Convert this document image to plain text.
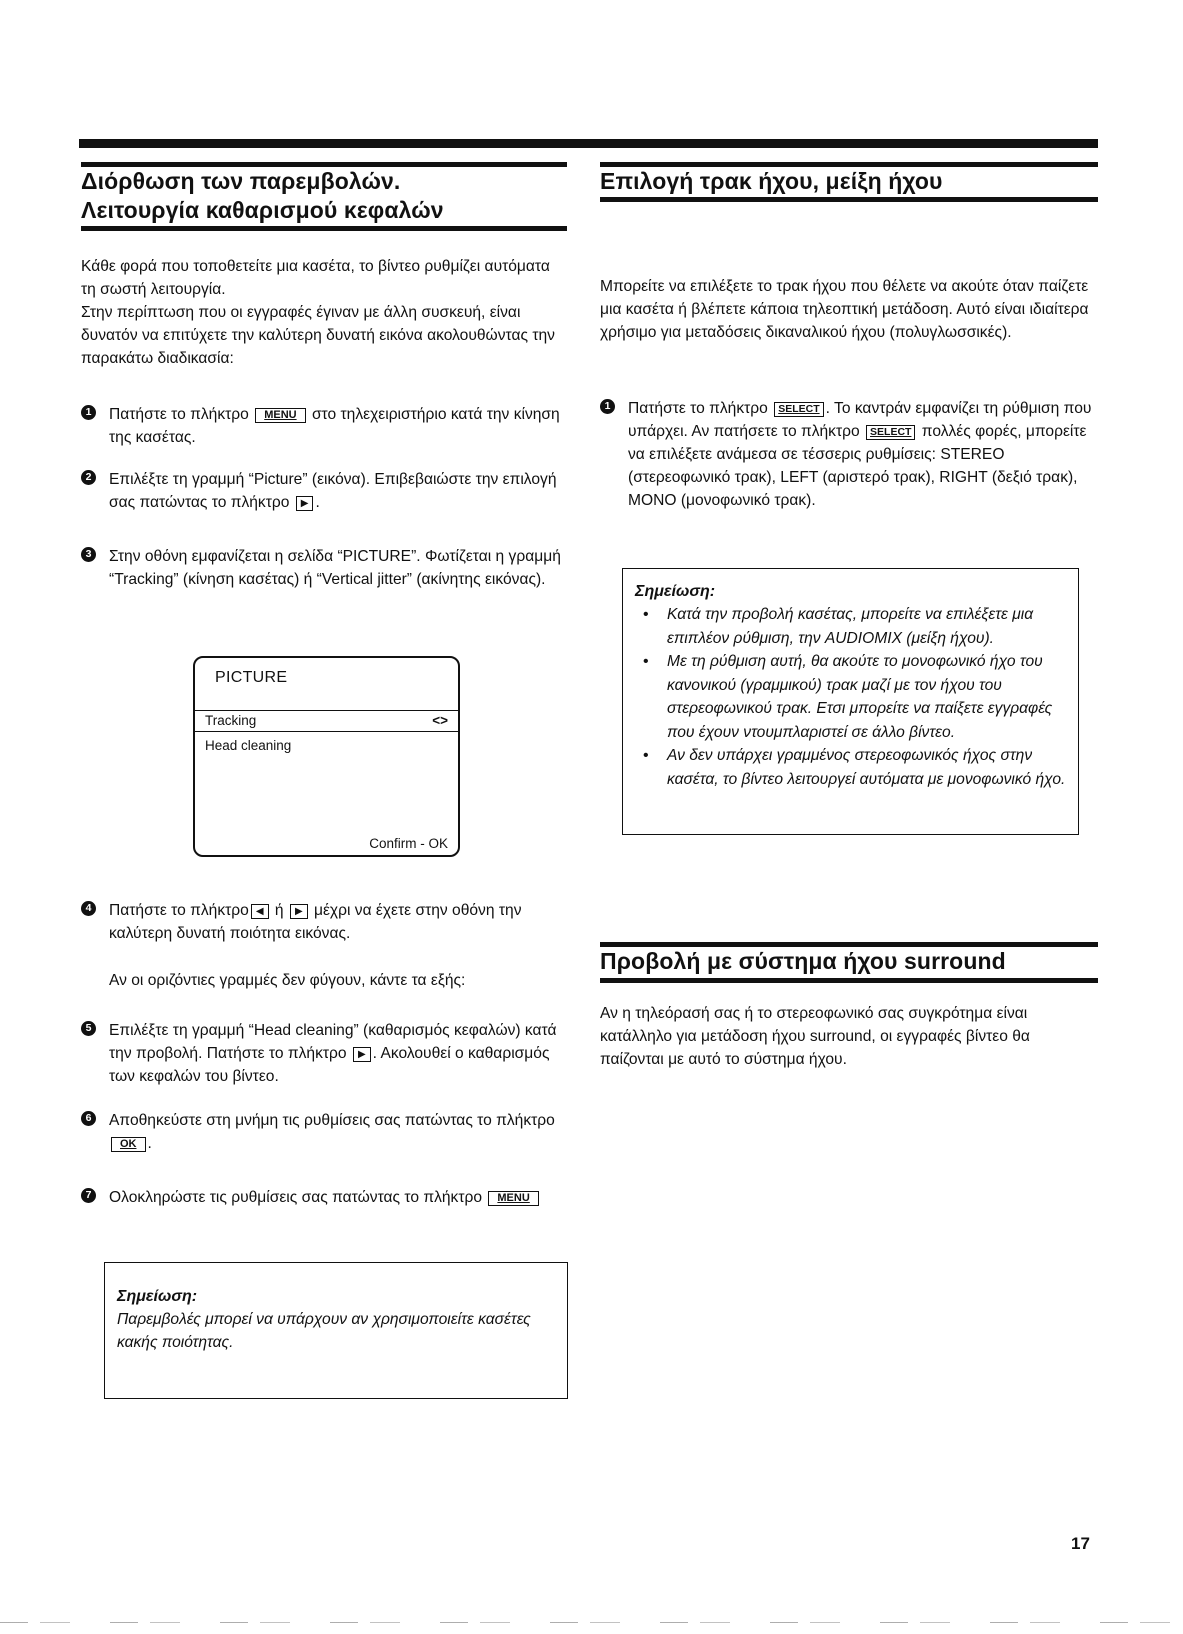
Διόρθωση των παρεμβολών.
Λειτουργία καθαρισμού κεφαλών

Κάθε φορά που τοποθετείτε μια κασέτα, το βίντεο ρυθμίζει αυτόματα τη σωστή λειτουργία.

Στην περίπτωση που οι εγγραφές έγιναν με άλλη συσκευή, είναι δυνατόν να επιτύχετε την καλύτερη δυνατή εικόνα ακολουθώντας την παρακάτω διαδικασία:

1	Πατήστε το πλήκτρο MENU στο τηλεχειριστήριο κατά την κίνηση της κασέτας.
2	Επιλέξτε τη γραμμή “Picture” (εικόνα). Επιβεβαιώστε την επιλογή σας πατώντας το πλήκτρο ▶ .
3	Στην οθόνη εμφανίζεται η σελίδα “PICTURE”. Φωτίζεται η γραμμή “Tracking” (κίνηση κασέτας) ή “Vertical jitter” (ακίνητης εικόνας).
PICTURE
Tracking	<>
Head cleaning
Confirm - OK
4	Πατήστε το πλήκτρο ◀ ή ▶ μέχρι να έχετε στην οθόνη την καλύτερη δυνατή ποιότητα εικόνας.

Αν οι οριζόντιες γραμμές δεν φύγουν, κάντε τα εξής:

5	Επιλέξτε τη γραμμή “Head cleaning” (καθαρισμός κεφαλών) κατά την προβολή. Πατήστε το πλήκτρο ▶ . Ακολουθεί ο καθαρισμός των κεφαλών του βίντεο.
6	Αποθηκεύστε στη μνήμη τις ρυθμίσεις σας πατώντας το πλήκτρο OK .
7	Ολοκληρώστε τις ρυθμίσεις σας πατώντας το πλήκτρο MENU
Σημείωση:
Παρεμβολές μπορεί να υπάρχουν αν χρησιμοποιείτε κασέτες κακής ποιότητας.
Επιλογή τρακ ήχου, μείξη ήχου

Μπορείτε να επιλέξετε το τρακ ήχου που θέλετε να ακούτε όταν παίζετε μια κασέτα ή βλέπετε κάποια τηλεοπτική μετάδοση. Αυτό είναι ιδιαίτερα χρήσιμο για μεταδόσεις δικαναλικού ήχου (πολυγλωσσικές).

1	Πατήστε το πλήκτρο SELECT . Το καντράν εμφανίζει τη ρύθμιση που υπάρχει. Αν πατήσετε το πλήκτρο SELECT πολλές φορές, μπορείτε να επιλέξετε ανάμεσα σε τέσσερις ρυθμίσεις: STEREO (στερεοφωνικό τρακ), LEFT (αριστερό τρακ), RIGHT (δεξιό τρακ), MONO (μονοφωνικό τρακ).
Σημείωση:
• Κατά την προβολή κασέτας, μπορείτε να επιλέξετε μια επιπλέον ρύθμιση, την AUDIOMIX (μείξη ήχου).
• Με τη ρύθμιση αυτή, θα ακούτε το μονοφωνικό ήχο του κανονικού (γραμμικού) τρακ μαζί με τον ήχου του στερεοφωνικού τρακ. Ετσι μπορείτε να παίξετε εγγραφές που έχουν ντουμπλαριστεί σε άλλο βίντεο.
• Αν δεν υπάρχει γραμμένος στερεοφωνικός ήχος στην κασέτα, το βίντεο λειτουργεί αυτόματα με μονοφωνικό ήχο.
Προβολή με σύστημα ήχου surround

Αν η τηλεόρασή σας ή το στερεοφωνικό σας συγκρότημα είναι κατάλληλο για μετάδοση ήχου surround, οι εγγραφές βίντεο θα παίζονται με αυτό το σύστημα ήχου.

17
